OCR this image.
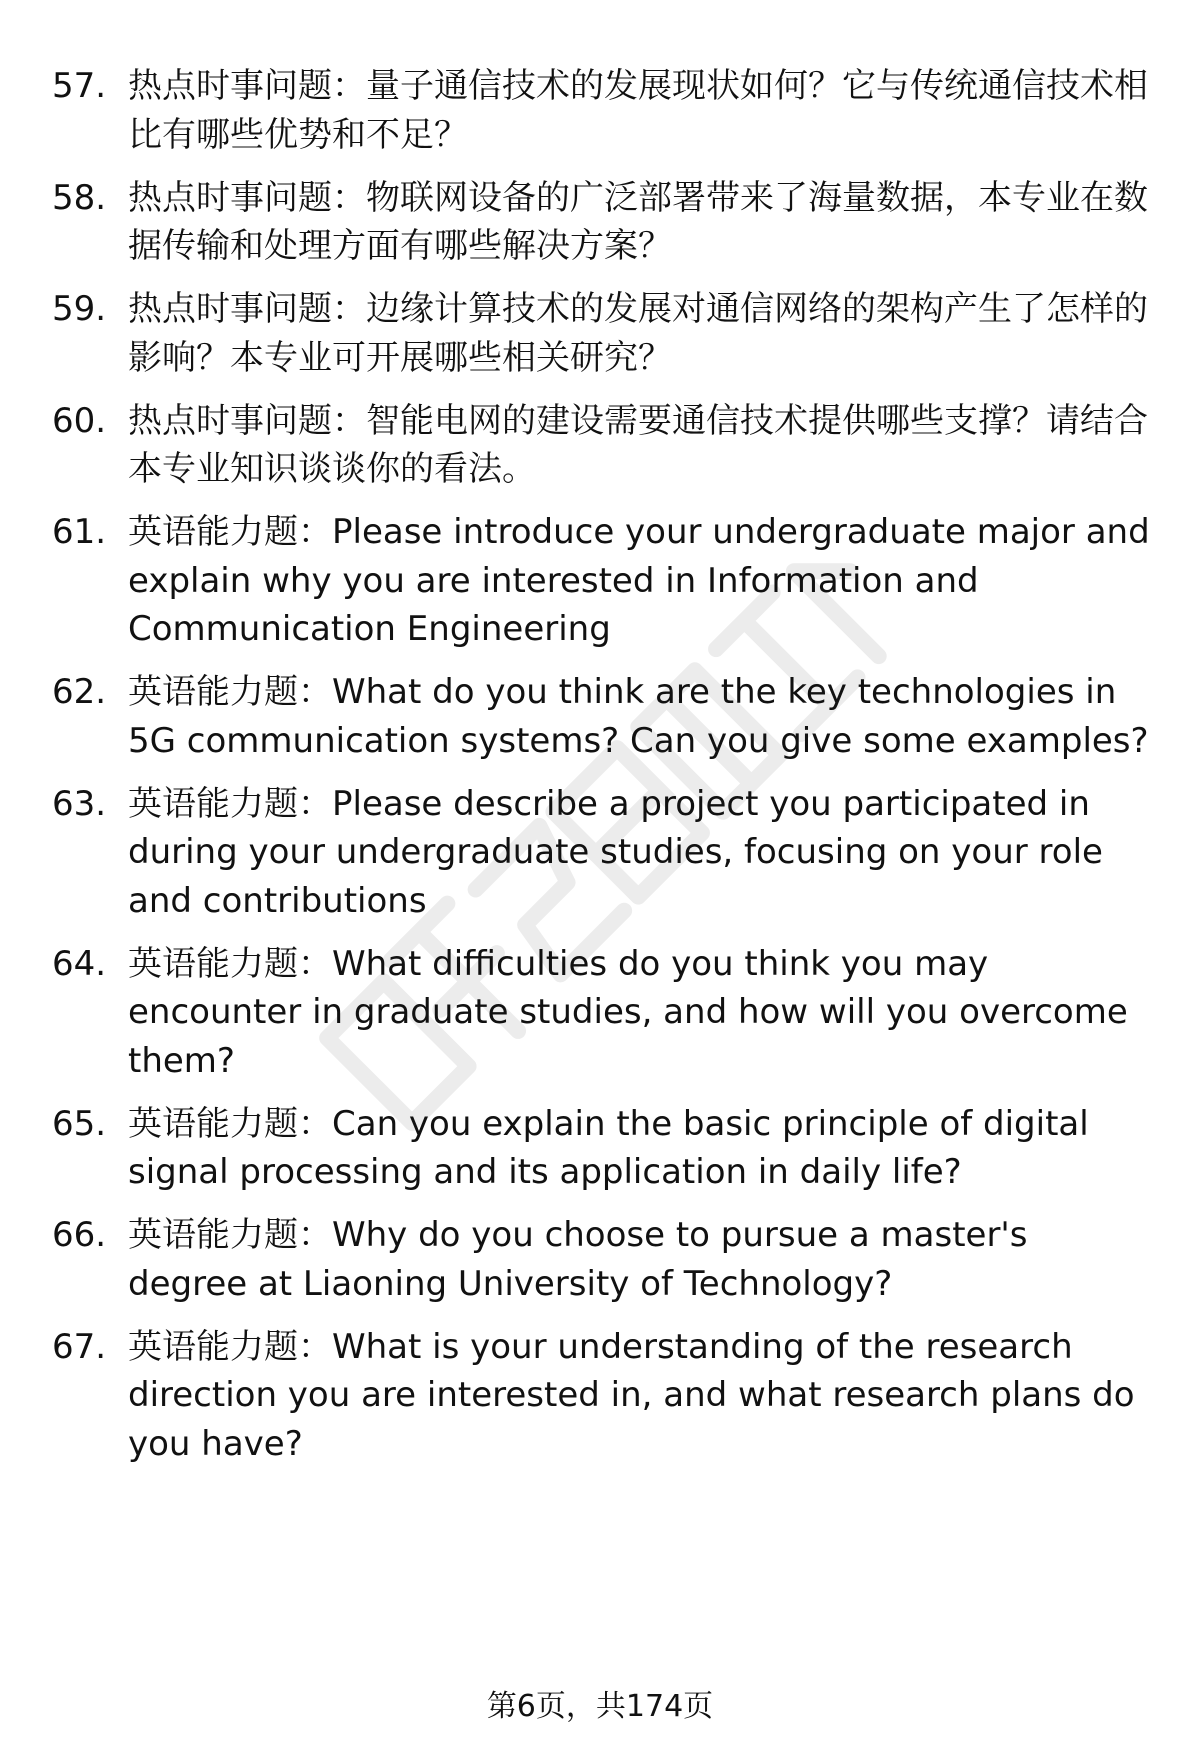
57. 热点时事问题：量子通信技术的发展现状如何？它与传统通信技术相比有哪些优势和不足？
58. 热点时事问题：物联网设备的广泛部署带来了海量数据，本专业在数据传输和处理方面有哪些解决方案？
59. 热点时事问题：边缘计算技术的发展对通信网络的架构产生了怎样的影响？本专业可开展哪些相关研究？
60. 热点时事问题：智能电网的建设需要通信技术提供哪些支撑？请结合本专业知识谈谈你的看法。
61. 英语能力题：Please introduce your undergraduate major and explain why you are interested in Information and Communication Engineering
62. 英语能力题：What do you think are the key technologies in 5G communication systems? Can you give some examples?
63. 英语能力题：Please describe a project you participated in during your undergraduate studies, focusing on your role and contributions
64. 英语能力题：What difficulties do you think you may encounter in graduate studies, and how will you overcome them?
65. 英语能力题：Can you explain the basic principle of digital signal processing and its application in daily life?
66. 英语能力题：Why do you choose to pursue a master's degree at Liaoning University of Technology?
67. 英语能力题：What is your understanding of the research direction you are interested in, and what research plans do you have?
第6页，共174页
